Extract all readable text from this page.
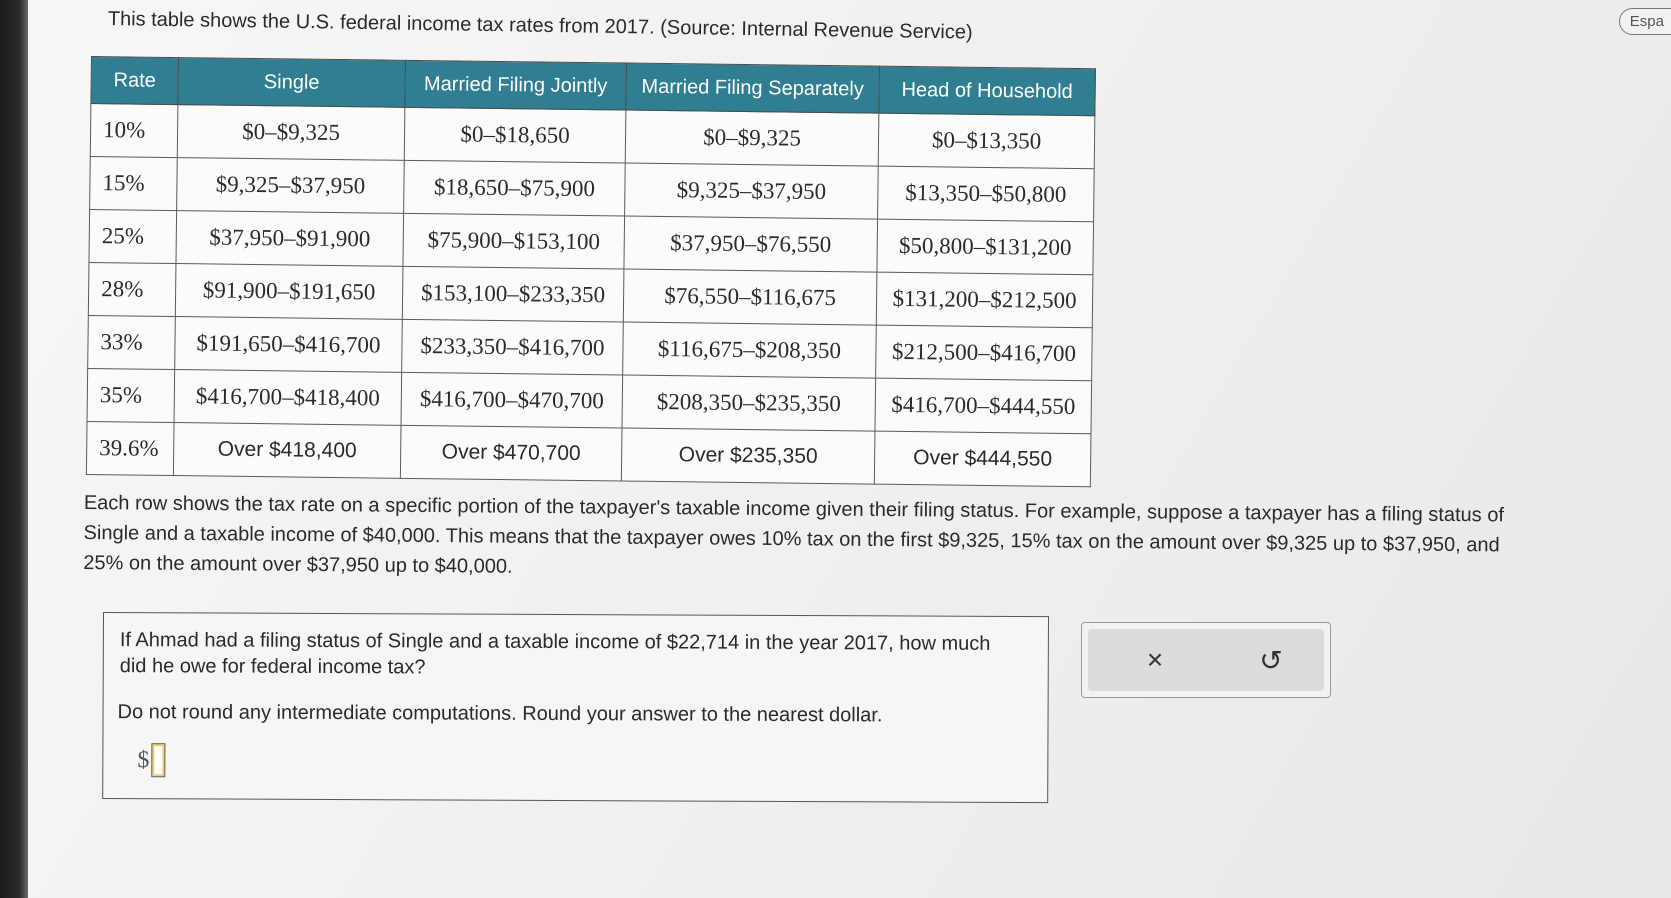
Espa
This table shows the U.S. federal income tax rates from 2017. (Source: Internal Revenue Service)
Rate	Single	Married Filing Jointly	Married Filing Separately	Head of Household
10%	$0–$9,325	$0–$18,650	$0–$9,325	$0–$13,350
15%	$9,325–$37,950	$18,650–$75,900	$9,325–$37,950	$13,350–$50,800
25%	$37,950–$91,900	$75,900–$153,100	$37,950–$76,550	$50,800–$131,200
28%	$91,900–$191,650	$153,100–$233,350	$76,550–$116,675	$131,200–$212,500
33%	$191,650–$416,700	$233,350–$416,700	$116,675–$208,350	$212,500–$416,700
35%	$416,700–$418,400	$416,700–$470,700	$208,350–$235,350	$416,700–$444,550
39.6%	Over $418,400	Over $470,700	Over $235,350	Over $444,550
Each row shows the tax rate on a specific portion of the taxpayer's taxable income given their filing status. For example, suppose a taxpayer has a filing status of Single and a taxable income of $40,000. This means that the taxpayer owes 10% tax on the first $9,325, 15% tax on the amount over $9,325 up to $37,950, and 25% on the amount over $37,950 up to $40,000.
If Ahmad had a filing status of Single and a taxable income of $22,714 in the year 2017, how much did he owe for federal income tax?
Do not round any intermediate computations. Round your answer to the nearest dollar.
$
×	↺
